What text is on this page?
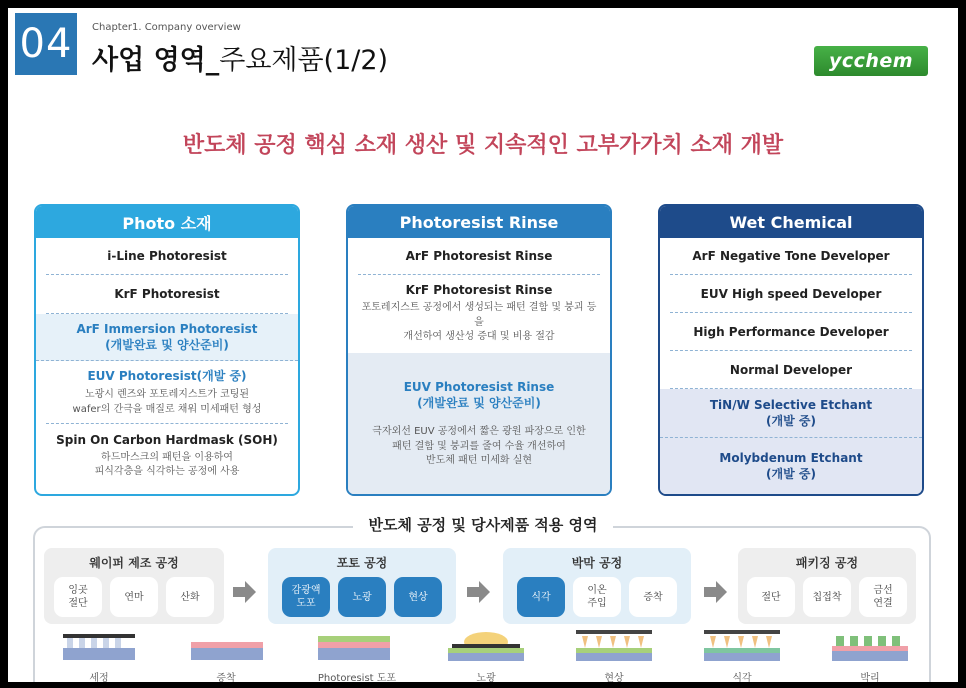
04	Chapter1. Company overview
사업 영역_주요제품(1/2)	ycchem
반도체 공정 핵심 소재 생산 및 지속적인 고부가가치 소재 개발
Photo 소재
i-Line Photoresist
KrF Photoresist
ArF Immersion Photoresist
(개발완료 및 양산준비)
EUV Photoresist(개발 중)
노광시 렌즈와 포토레지스트가 코팅된
wafer의 간극을 매질로 채워 미세패턴 형성
Spin On Carbon Hardmask (SOH)
하드마스크의 패턴을 이용하여
피식각층을 식각하는 공정에 사용
Photoresist Rinse
ArF Photoresist Rinse
KrF Photoresist Rinse
포토레지스트 공정에서 생성되는 패턴 결함 및 붕괴 등을
개선하여 생산성 증대 및 비용 절감
EUV Photoresist Rinse
(개발완료 및 양산준비)
극자외선 EUV 공정에서 짧은 광원 파장으로 인한
패턴 결함 및 붕괴를 줄여 수율 개선하여
반도체 패턴 미세화 실현
Wet Chemical
ArF Negative Tone Developer
EUV High speed Developer
High Performance Developer
Normal Developer
TiN/W Selective Etchant
(개발 중)
Molybdenum Etchant
(개발 중)
반도체 공정 및 당사제품 적용 영역
웨이퍼 제조 공정
잉곳
절단
연마	산화
포토 공정
감광액
도포
노광	현상
박막 공정
식각
이온
주입
증착
패키징 공정
절단	칩접착
금선
연결
세정	증착	Photoresist 도포	노광	현상	식각	박리
